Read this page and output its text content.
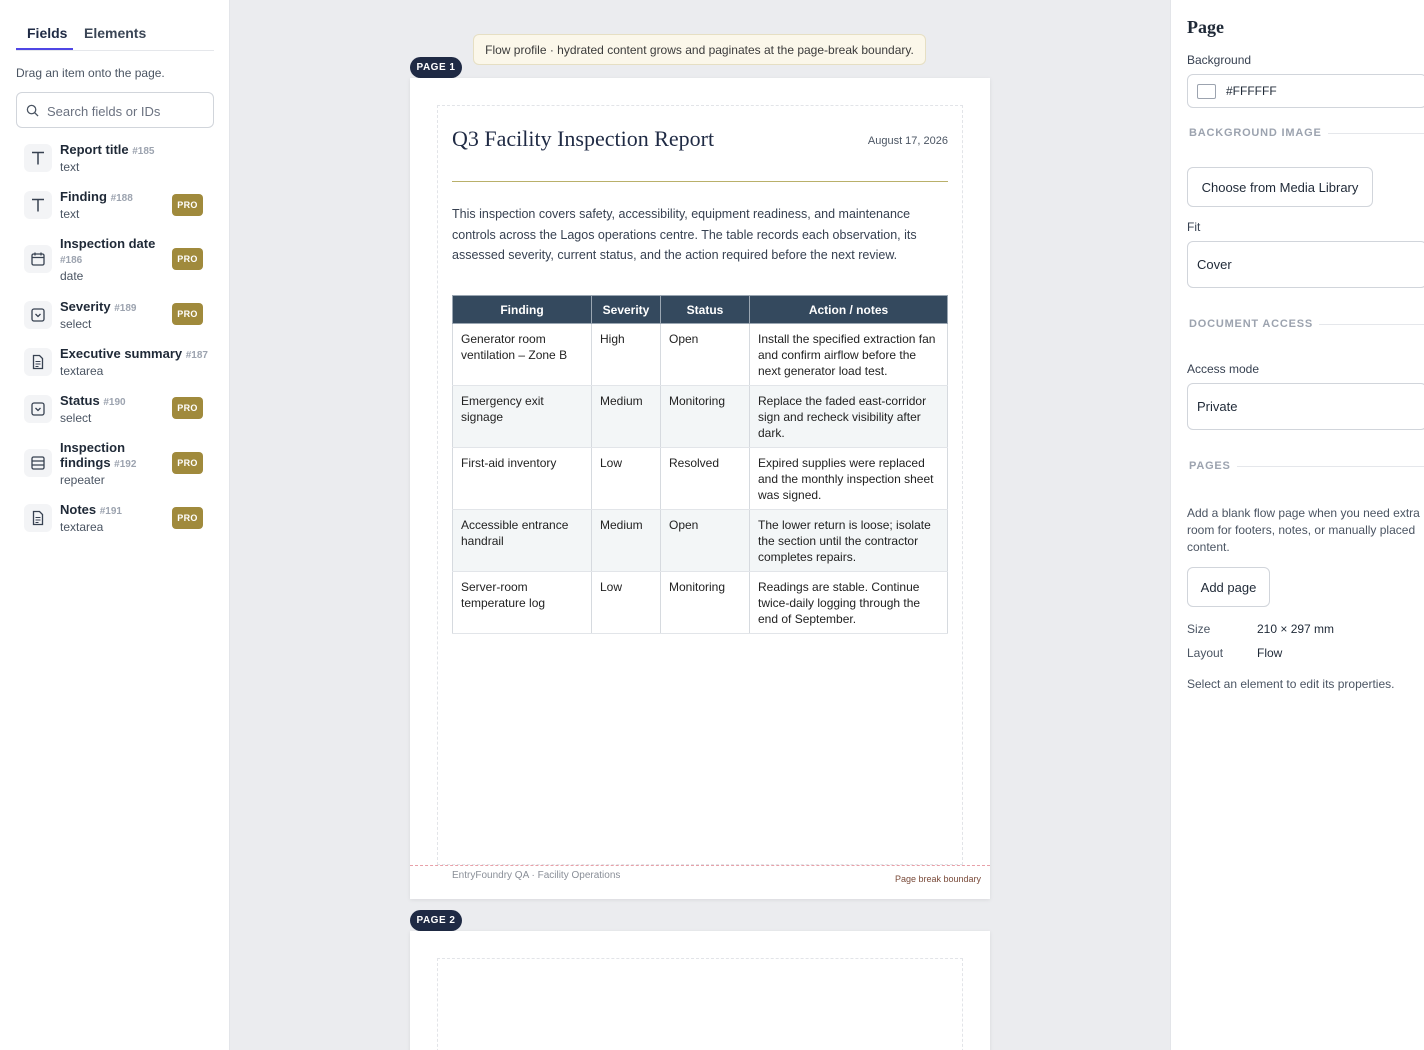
Fields Elements
Drag an item onto the page.
Search fields or IDs
Report title #185
text
Finding #188
text
PRO
Inspection date #186
date
PRO
Severity #189
select
PRO
Executive summary #187
textarea
Status #190
select
PRO
Inspection findings #192
repeater
PRO
Notes #191
textarea
PRO
Flow profile · hydrated content grows and paginates at the page-break boundary.
PAGE 1
Q3 Facility Inspection Report	August 17, 2026
This inspection covers safety, accessibility, equipment readiness, and maintenance controls across the Lagos operations centre. The table records each observation, its assessed severity, current status, and the action required before the next review.
Finding	Severity	Status	Action / notes
Generator room ventilation – Zone B	High	Open	Install the specified extraction fan and confirm airflow before the next generator load test.
Emergency exit signage	Medium	Monitoring	Replace the faded east-corridor sign and recheck visibility after dark.
First-aid inventory	Low	Resolved	Expired supplies were replaced and the monthly inspection sheet was signed.
Accessible entrance handrail	Medium	Open	The lower return is loose; isolate the section until the contractor completes repairs.
Server-room temperature log	Low	Monitoring	Readings are stable. Continue twice-daily logging through the end of September.
EntryFoundry QA · Facility Operations	Page break boundary
PAGE 2
Page
Background
#FFFFFF
BACKGROUND IMAGE
Choose from Media Library
Fit
Cover
DOCUMENT ACCESS
Access mode
Private
PAGES
Add a blank flow page when you need extra room for footers, notes, or manually placed content.
Add page
Size	210 × 297 mm
Layout	Flow
Select an element to edit its properties.
